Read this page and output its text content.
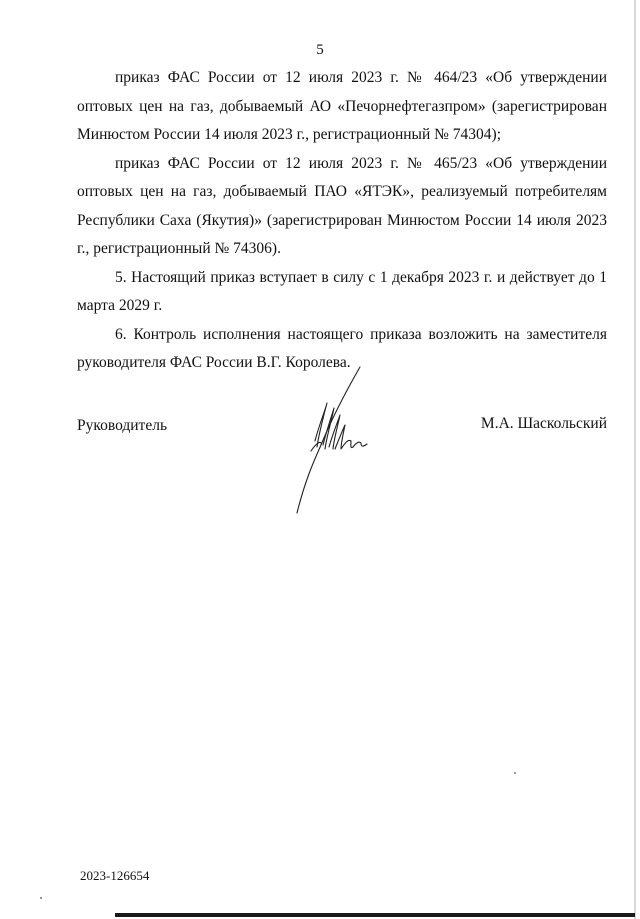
5

приказ ФАС России от 12 июля 2023 г. № 464/23 «Об утверждении оптовых цен на газ, добываемый АО «Печорнефтегазпром» (зарегистрирован Минюстом России 14 июля 2023 г., регистрационный № 74304);

приказ ФАС России от 12 июля 2023 г. № 465/23 «Об утверждении оптовых цен на газ, добываемый ПАО «ЯТЭК», реализуемый потребителям Республики Саха (Якутия)» (зарегистрирован Минюстом России 14 июля 2023 г., регистрационный № 74306).

5. Настоящий приказ вступает в силу с 1 декабря 2023 г. и действует до 1 марта 2029 г.

6. Контроль исполнения настоящего приказа возложить на заместителя руководителя ФАС России В.Г. Королева.

Руководитель	М.А. Шаскольский
2023-126654
